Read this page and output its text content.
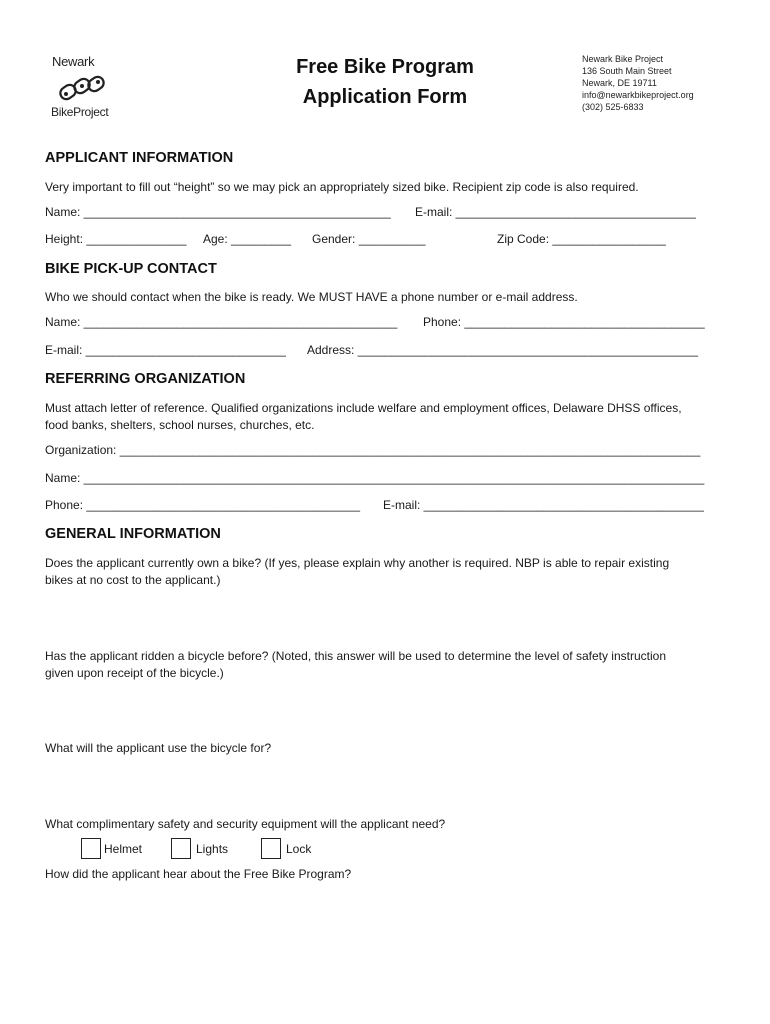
Newark
BikeProject
Free Bike Program
Application Form
Newark Bike Project
136 South Main Street
Newark, DE 19711
info@newarkbikeproject.org
(302) 525-6833
APPLICANT INFORMATION
Very important to fill out “height” so we may pick an appropriately sized bike. Recipient zip code is also required.
Name: ______________________________________________ E-mail: ____________________________________
Height: _______________ Age: _________ Gender: __________	Zip Code: _________________
BIKE PICK-UP CONTACT
Who we should contact when the bike is ready. We MUST HAVE a phone number or e-mail address.
Name: _______________________________________________ Phone: ____________________________________
E-mail: ______________________________ Address: ___________________________________________________
REFERRING ORGANIZATION
Must attach letter of reference. Qualified organizations include welfare and employment offices, Delaware DHSS offices,
food banks, shelters, school nurses, churches, etc.
Organization: _______________________________________________________________________________________
Name: _____________________________________________________________________________________________
Phone: _________________________________________ E-mail: __________________________________________
GENERAL INFORMATION
Does the applicant currently own a bike? (If yes, please explain why another is required. NBP is able to repair existing
bikes at no cost to the applicant.)
Has the applicant ridden a bicycle before? (Noted, this answer will be used to determine the level of safety instruction
given upon receipt of the bicycle.)
What will the applicant use the bicycle for?
What complimentary safety and security equipment will the applicant need?
Helmet	Lights	Lock
How did the applicant hear about the Free Bike Program?
